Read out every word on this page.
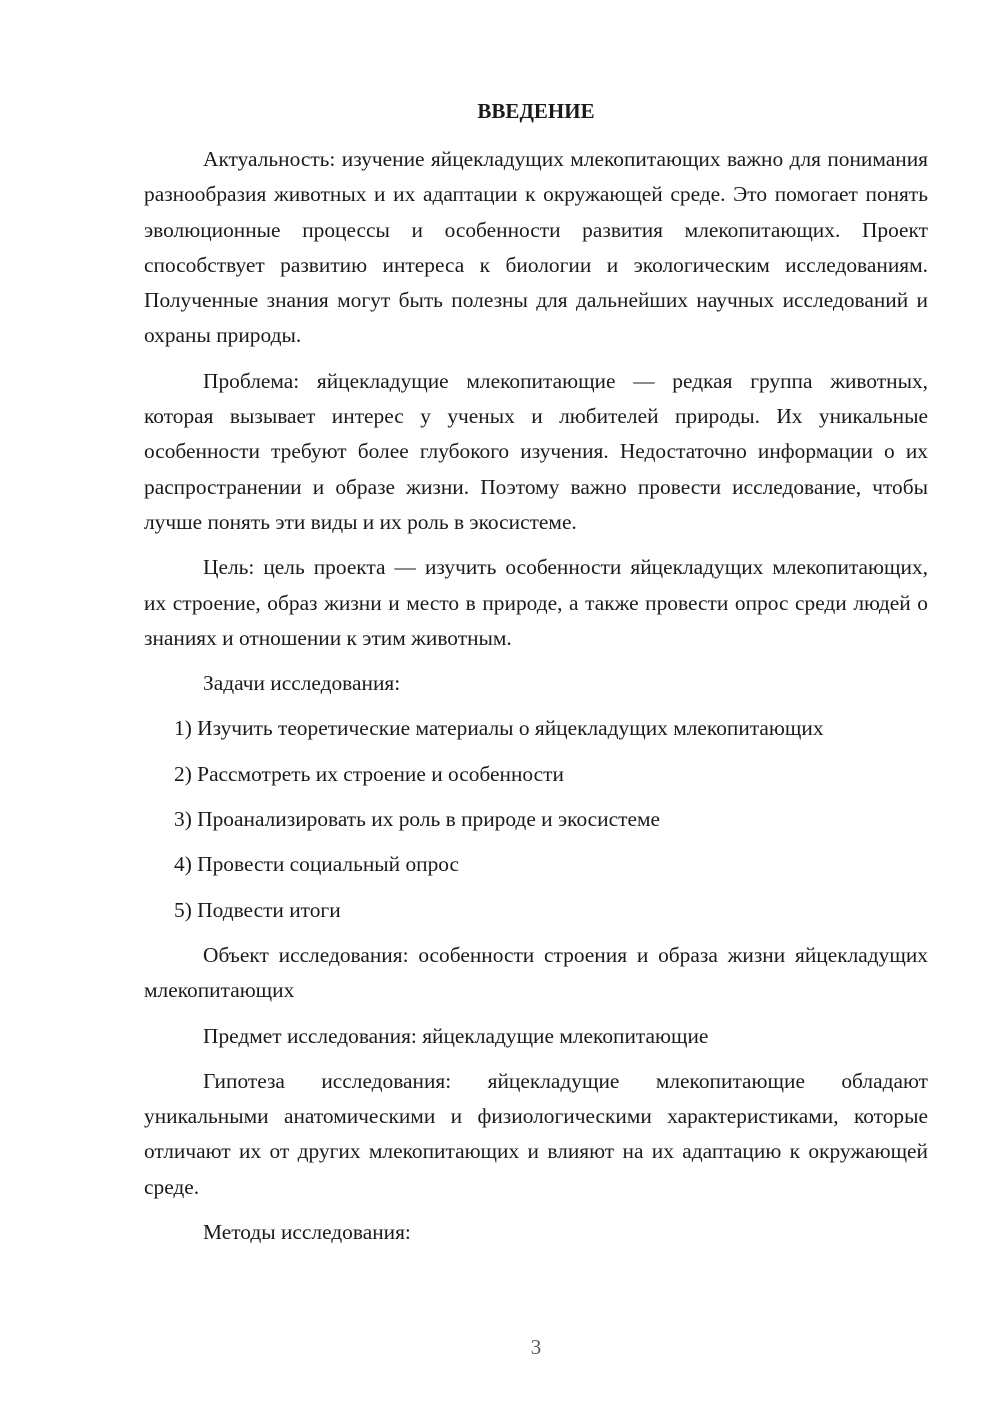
ВВЕДЕНИЕ

Актуальность: изучение яйцекладущих млекопитающих важно для понимания разнообразия животных и их адаптации к окружающей среде. Это помогает понять эволюционные процессы и особенности развития млекопитающих. Проект способствует развитию интереса к биологии и экологическим исследованиям. Полученные знания могут быть полезны для дальнейших научных исследований и охраны природы.

Проблема: яйцекладущие млекопитающие — редкая группа животных, которая вызывает интерес у ученых и любителей природы. Их уникальные особенности требуют более глубокого изучения. Недостаточно информации о их распространении и образе жизни. Поэтому важно провести исследование, чтобы лучше понять эти виды и их роль в экосистеме.

Цель: цель проекта — изучить особенности яйцекладущих млекопитающих, их строение, образ жизни и место в природе, а также провести опрос среди людей о знаниях и отношении к этим животным.

Задачи исследования:

1) Изучить теоретические материалы о яйцекладущих млекопитающих
2) Рассмотреть их строение и особенности
3) Проанализировать их роль в природе и экосистеме
4) Провести социальный опрос
5) Подвести итоги

Объект исследования: особенности строения и образа жизни яйцекладущих млекопитающих

Предмет исследования: яйцекладущие млекопитающие

Гипотеза исследования: яйцекладущие млекопитающие обладают уникальными анатомическими и физиологическими характеристиками, которые отличают их от других млекопитающих и влияют на их адаптацию к окружающей среде.

Методы исследования:

3
